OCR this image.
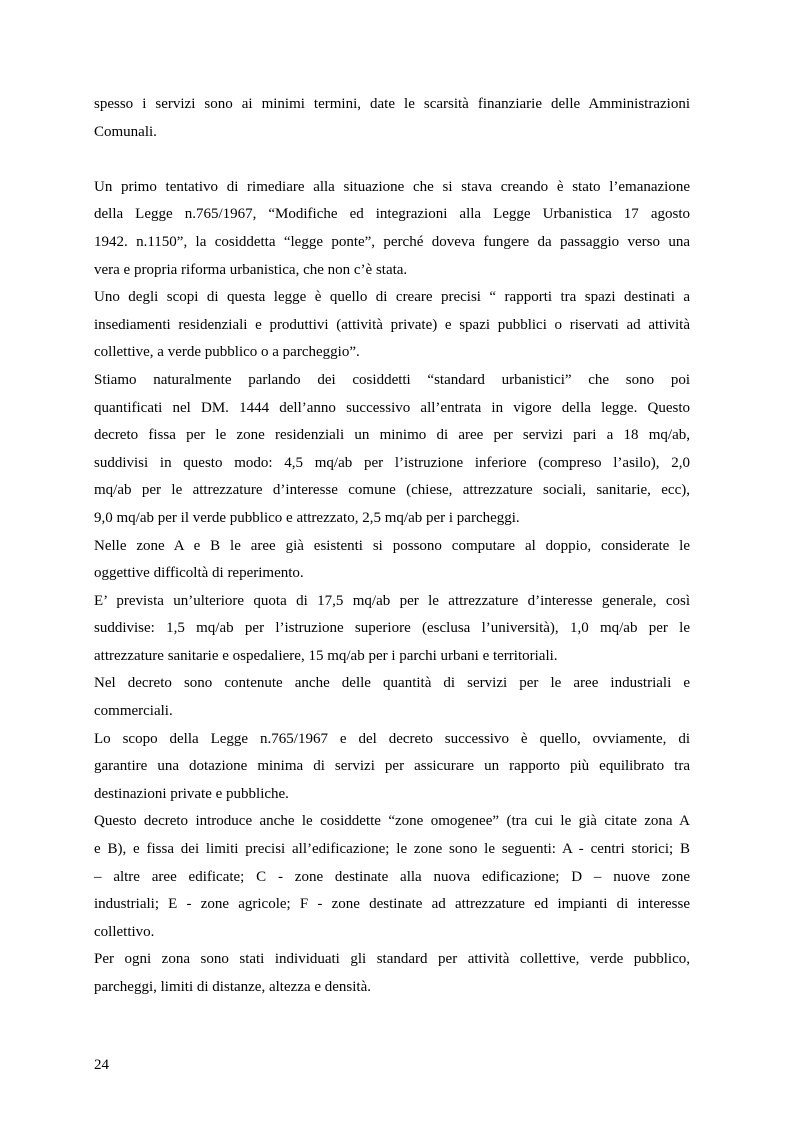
spesso i servizi sono ai minimi termini, date le scarsità finanziarie delle Amministrazioni
Comunali.
Un primo tentativo di rimediare alla situazione che si stava creando è stato l’emanazione
della Legge n.765/1967, “Modifiche ed integrazioni alla Legge Urbanistica 17 agosto
1942. n.1150”, la cosiddetta “legge ponte”, perché doveva fungere da passaggio verso una
vera e propria riforma urbanistica, che non c’è stata.
Uno degli scopi di questa legge è quello di creare precisi “ rapporti tra spazi destinati a
insediamenti residenziali e produttivi (attività private) e spazi pubblici o riservati ad attività
collettive, a verde pubblico o a parcheggio”.
Stiamo naturalmente parlando dei cosiddetti “standard urbanistici” che sono poi
quantificati nel DM. 1444 dell’anno successivo all’entrata in vigore della legge. Questo
decreto fissa per le zone residenziali un minimo di aree per servizi pari a 18 mq/ab,
suddivisi in questo modo: 4,5 mq/ab per l’istruzione inferiore (compreso l’asilo), 2,0
mq/ab per le attrezzature d’interesse comune (chiese, attrezzature sociali, sanitarie, ecc),
9,0 mq/ab per il verde pubblico e attrezzato, 2,5 mq/ab per i parcheggi.
Nelle zone A e B le aree già esistenti si possono computare al doppio, considerate le
oggettive difficoltà di reperimento.
E’ prevista un’ulteriore quota di 17,5 mq/ab per le attrezzature d’interesse generale, così
suddivise: 1,5 mq/ab per l’istruzione superiore (esclusa l’università), 1,0 mq/ab per le
attrezzature sanitarie e ospedaliere, 15 mq/ab per i parchi urbani e territoriali.
Nel decreto sono contenute anche delle quantità di servizi per le aree industriali e
commerciali.
Lo scopo della Legge n.765/1967 e del decreto successivo è quello, ovviamente, di
garantire una dotazione minima di servizi per assicurare un rapporto più equilibrato tra
destinazioni private e pubbliche.
Questo decreto introduce anche le cosiddette “zone omogenee” (tra cui le già citate zona A
e B), e fissa dei limiti precisi all’edificazione; le zone sono le seguenti: A - centri storici; B
– altre aree edificate; C - zone destinate alla nuova edificazione; D – nuove zone
industriali; E - zone agricole; F - zone destinate ad attrezzature ed impianti di interesse
collettivo.
Per ogni zona sono stati individuati gli standard per attività collettive, verde pubblico,
parcheggi, limiti di distanze, altezza e densità.
24
